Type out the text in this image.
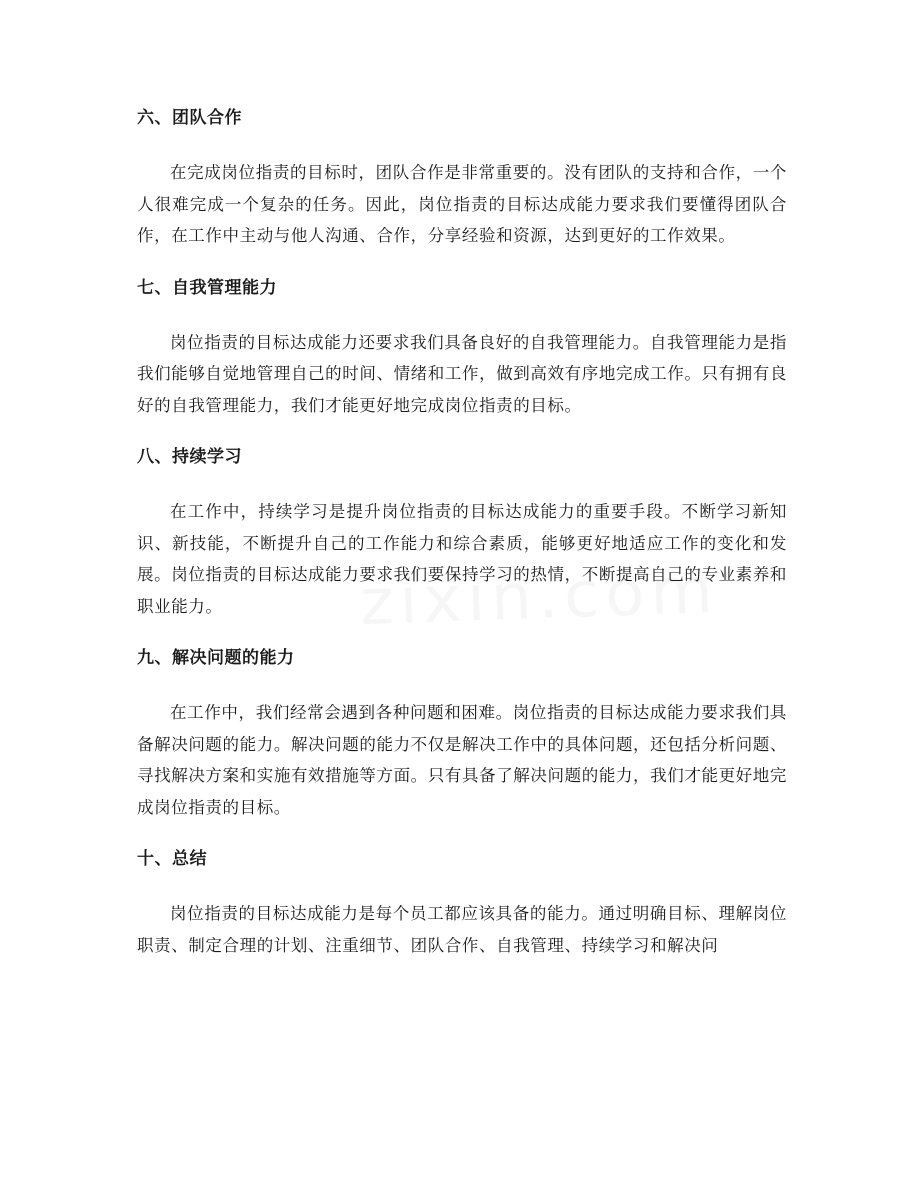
六、团队合作
在完成岗位指责的目标时，团队合作是非常重要的。没有团队的支持和合作，一个人很难完成一个复杂的任务。因此，岗位指责的目标达成能力要求我们要懂得团队合作，在工作中主动与他人沟通、合作，分享经验和资源，达到更好的工作效果。
七、自我管理能力
岗位指责的目标达成能力还要求我们具备良好的自我管理能力。自我管理能力是指我们能够自觉地管理自己的时间、情绪和工作，做到高效有序地完成工作。只有拥有良好的自我管理能力，我们才能更好地完成岗位指责的目标。
八、持续学习
在工作中，持续学习是提升岗位指责的目标达成能力的重要手段。不断学习新知识、新技能，不断提升自己的工作能力和综合素质，能够更好地适应工作的变化和发展。岗位指责的目标达成能力要求我们要保持学习的热情，不断提高自己的专业素养和职业能力。
九、解决问题的能力
在工作中，我们经常会遇到各种问题和困难。岗位指责的目标达成能力要求我们具备解决问题的能力。解决问题的能力不仅是解决工作中的具体问题，还包括分析问题、寻找解决方案和实施有效措施等方面。只有具备了解决问题的能力，我们才能更好地完成岗位指责的目标。
十、总结
岗位指责的目标达成能力是每个员工都应该具备的能力。通过明确目标、理解岗位职责、制定合理的计划、注重细节、团队合作、自我管理、持续学习和解决问
